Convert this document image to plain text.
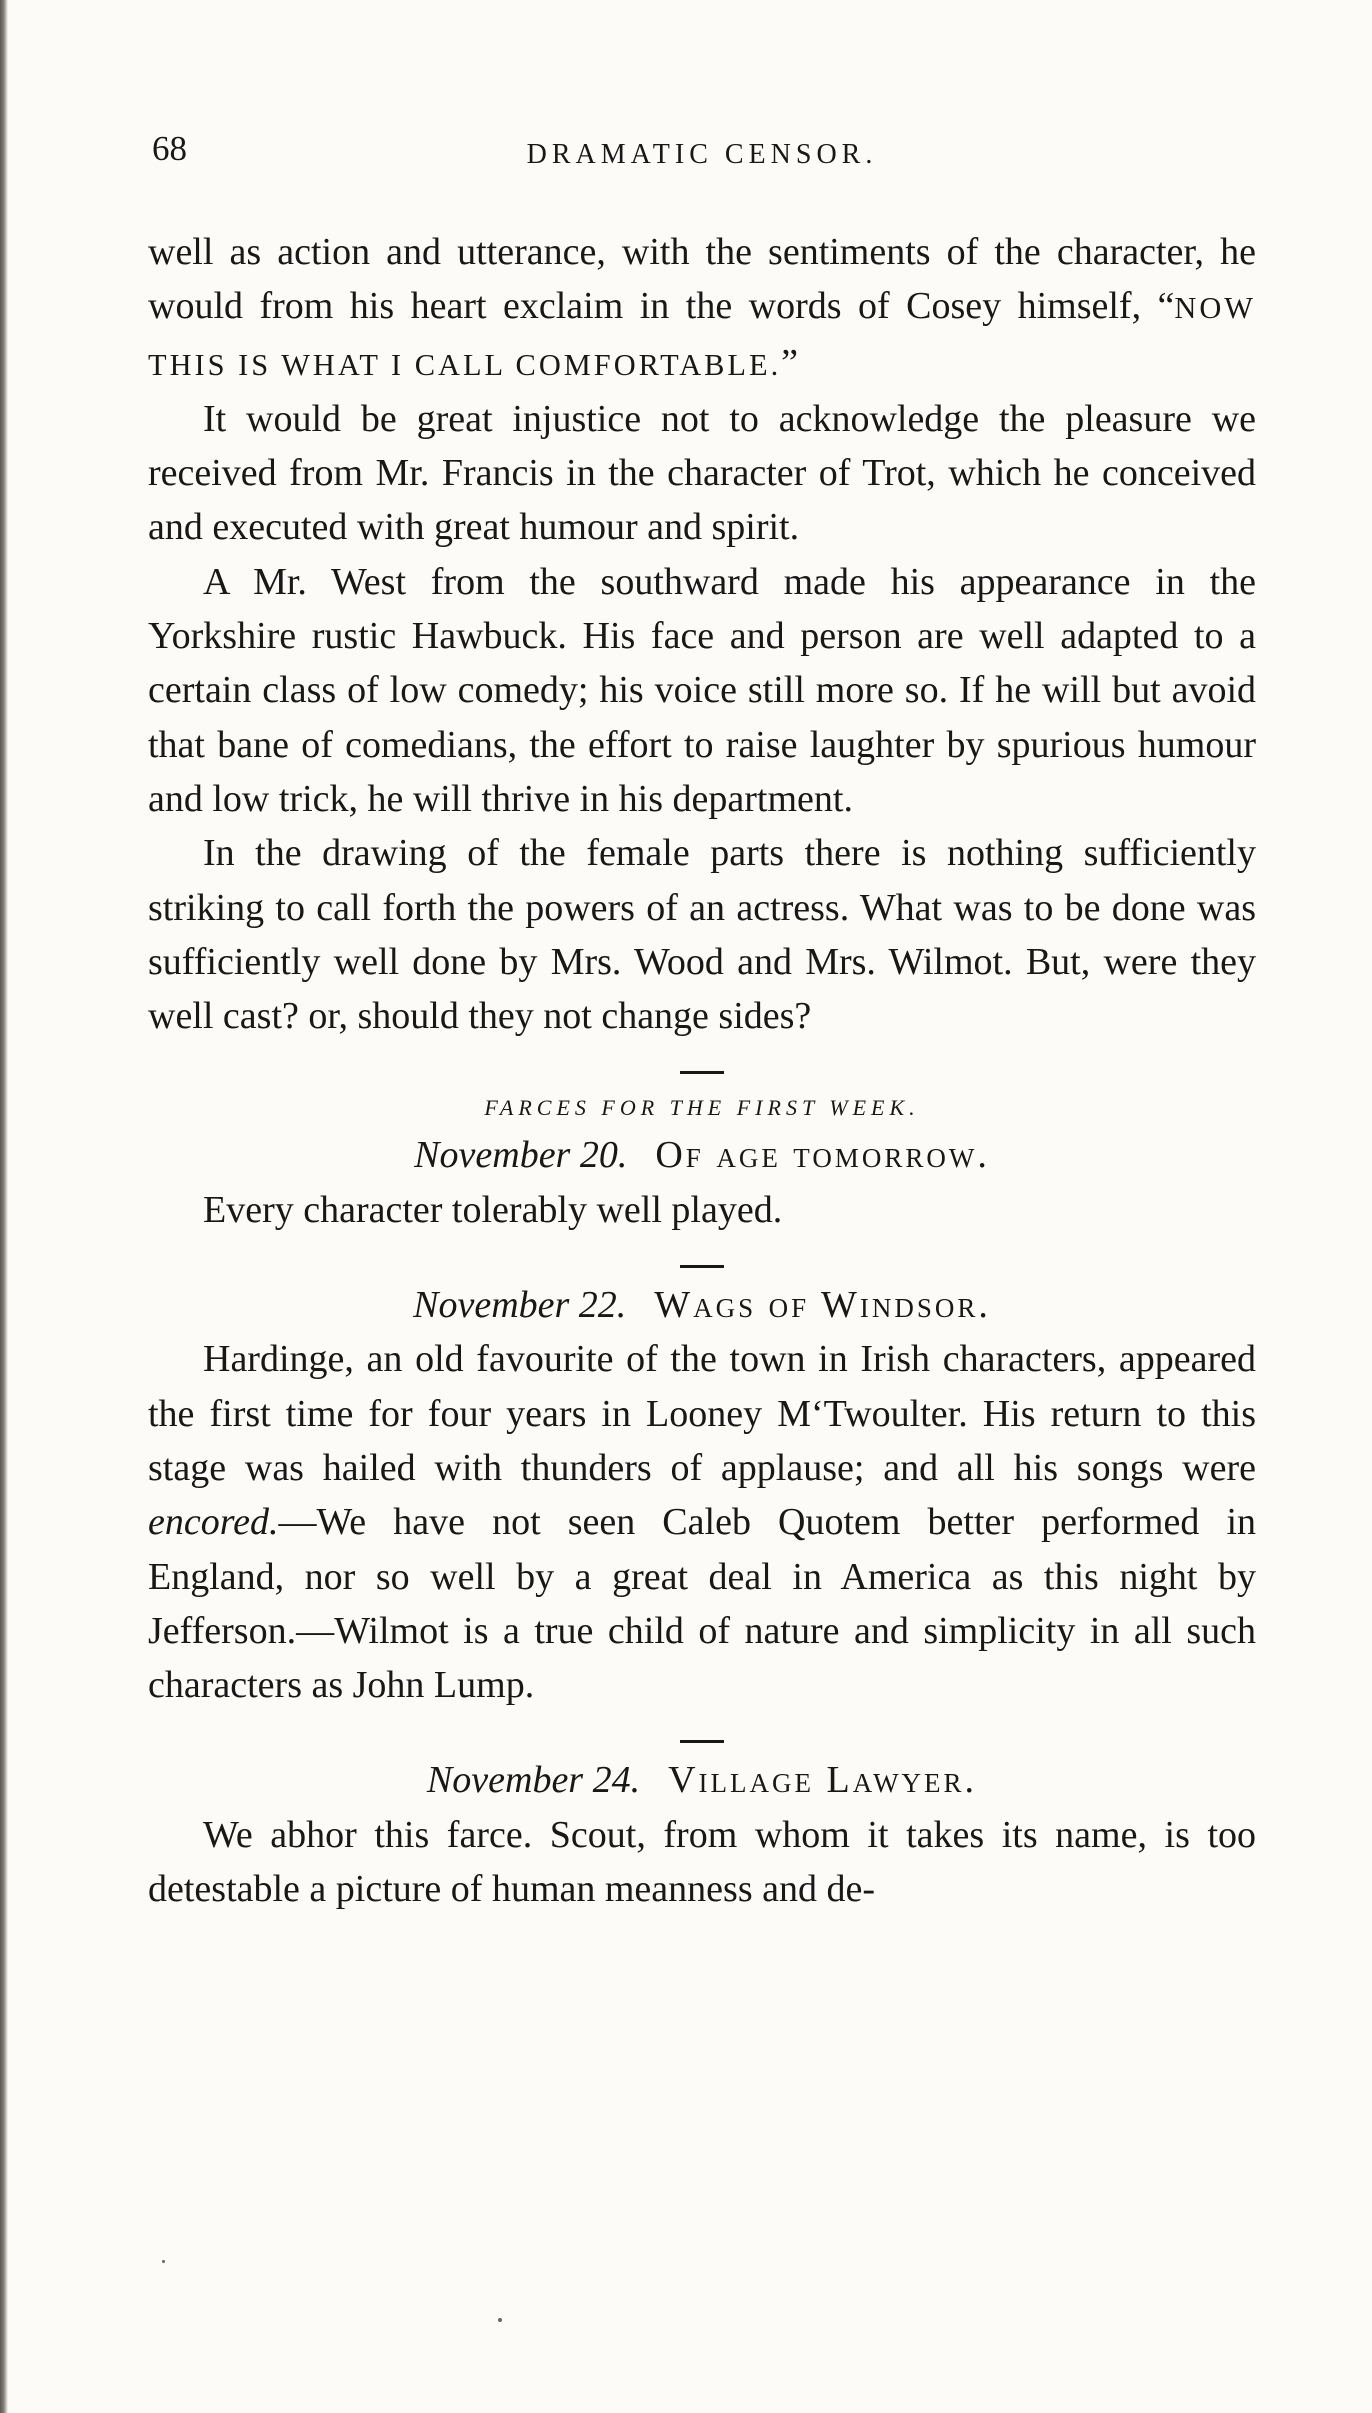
68	DRAMATIC CENSOR.

well as action and utterance, with the sentiments of the character, he would from his heart exclaim in the words of Cosey himself, “NOW THIS IS WHAT I CALL COMFORTABLE.”

It would be great injustice not to acknowledge the pleasure we received from Mr. Francis in the character of Trot, which he conceived and executed with great humour and spirit.

A Mr. West from the southward made his appearance in the Yorkshire rustic Hawbuck. His face and person are well adapted to a certain class of low comedy; his voice still more so. If he will but avoid that bane of comedians, the effort to raise laughter by spurious humour and low trick, he will thrive in his department.

In the drawing of the female parts there is nothing sufficiently striking to call forth the powers of an actress. What was to be done was sufficiently well done by Mrs. Wood and Mrs. Wilmot. But, were they well cast? or, should they not change sides?

FARCES FOR THE FIRST WEEK.
November 20. Of age tomorrow.

Every character tolerably well played.

November 22. Wags of Windsor.

Hardinge, an old favourite of the town in Irish characters, appeared the first time for four years in Looney M‘Twoulter. His return to this stage was hailed with thunders of applause; and all his songs were encored.—We have not seen Caleb Quotem better performed in England, nor so well by a great deal in America as this night by Jefferson.—Wilmot is a true child of nature and simplicity in all such characters as John Lump.

November 24. Village Lawyer.

We abhor this farce. Scout, from whom it takes its name, is too detestable a picture of human meanness and de-
